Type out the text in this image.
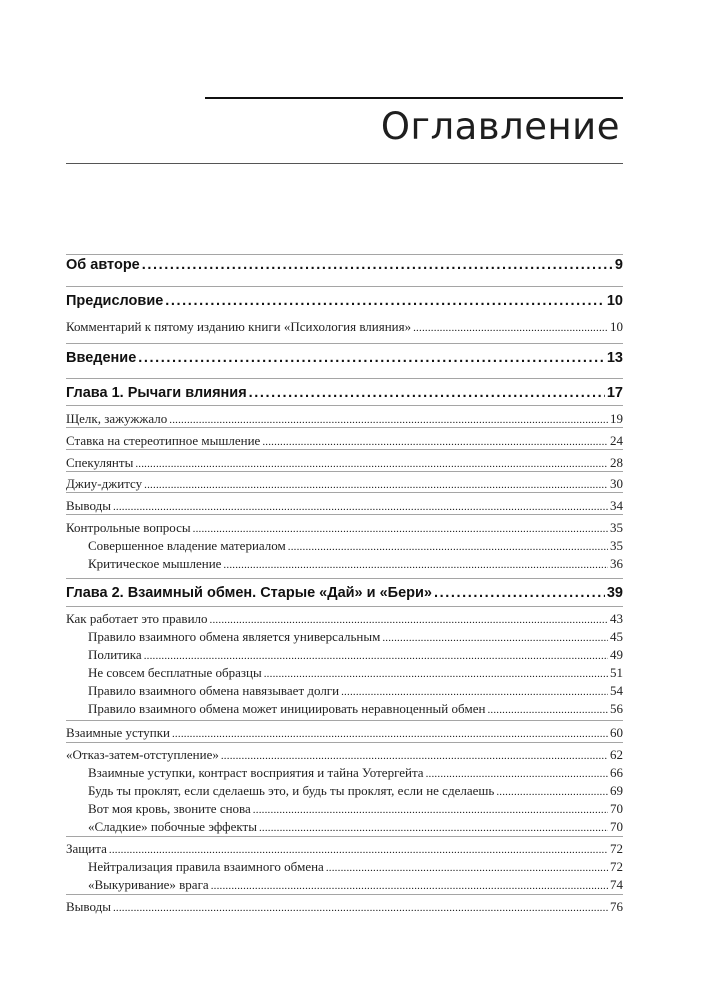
Оглавление
Об авторе .....	9
Предисловие .....	10
Комментарий к пятому изданию книги «Психология влияния» .....	10
Введение .....	13
Глава 1. Рычаги влияния .....	17
Щелк, зажужжало .....	19
Ставка на стереотипное мышление .....	24
Спекулянты .....	28
Джиу-джитсу .....	30
Выводы .....	34
Контрольные вопросы .....	35
Совершенное владение материалом .....	35
Критическое мышление .....	36
Глава 2. Взаимный обмен. Старые «Дай» и «Бери» .....	39
Как работает это правило .....	43
Правило взаимного обмена является универсальным .....	45
Политика .....	49
Не совсем бесплатные образцы .....	51
Правило взаимного обмена навязывает долги .....	54
Правило взаимного обмена может инициировать неравноценный обмен .....	56
Взаимные уступки .....	60
«Отказ-затем-отступление» .....	62
Взаимные уступки, контраст восприятия и тайна Уотергейта .....	66
Будь ты проклят, если сделаешь это, и будь ты проклят, если не сделаешь .....	69
Вот моя кровь, звоните снова .....	70
«Сладкие» побочные эффекты .....	70
Защита .....	72
Нейтрализация правила взаимного обмена .....	72
«Выкуривание» врага .....	74
Выводы .....	76
